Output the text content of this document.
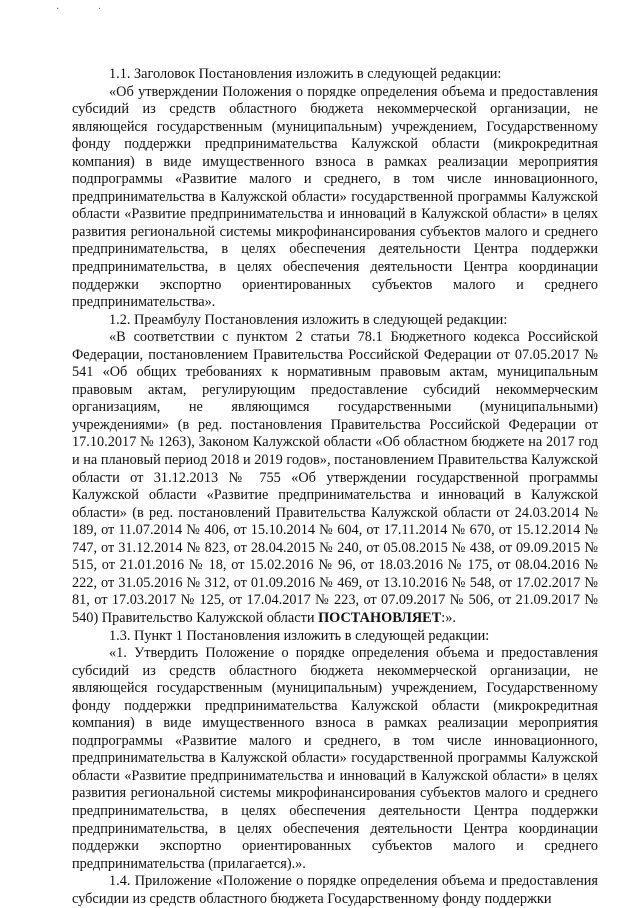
· ·

1.1. Заголовок Постановления изложить в следующей редакции:

«Об утверждении Положения о порядке определения объема и предоставления субсидий из средств областного бюджета некоммерческой организации, не являющейся государственным (муниципальным) учреждением, Государственному фонду поддержки предпринимательства Калужской области (микрокредитная компания) в виде имущественного взноса в рамках реализации мероприятия подпрограммы «Развитие малого и среднего, в том числе инновационного, предпринимательства в Калужской области» государственной программы Калужской области «Развитие предпринимательства и инноваций в Калужской области» в целях развития региональной системы микрофинансирования субъектов малого и среднего предпринимательства, в целях обеспечения деятельности Центра поддержки предпринимательства, в целях обеспечения деятельности Центра координации поддержки экспортно ориентированных субъектов малого и среднего предпринимательства».

1.2. Преамбулу Постановления изложить в следующей редакции:

«В соответствии с пунктом 2 статьи 78.1 Бюджетного кодекса Российской Федерации, постановлением Правительства Российской Федерации от 07.05.2017 № 541 «Об общих требованиях к нормативным правовым актам, муниципальным правовым актам, регулирующим предоставление субсидий некоммерческим организациям, не являющимся государственными (муниципальными) учреждениями» (в ред. постановления Правительства Российской Федерации от 17.10.2017 № 1263), Законом Калужской области «Об областном бюджете на 2017 год и на плановый период 2018 и 2019 годов», постановлением Правительства Калужской области от 31.12.2013 № 755 «Об утверждении государственной программы Калужской области «Развитие предпринимательства и инноваций в Калужской области» (в ред. постановлений Правительства Калужской области от 24.03.2014 № 189, от 11.07.2014 № 406, от 15.10.2014 № 604, от 17.11.2014 № 670, от 15.12.2014 № 747, от 31.12.2014 № 823, от 28.04.2015 № 240, от 05.08.2015 № 438, от 09.09.2015 № 515, от 21.01.2016 № 18, от 15.02.2016 № 96, от 18.03.2016 № 175, от 08.04.2016 № 222, от 31.05.2016 № 312, от 01.09.2016 № 469, от 13.10.2016 № 548, от 17.02.2017 № 81, от 17.03.2017 № 125, от 17.04.2017 № 223, от 07.09.2017 № 506, от 21.09.2017 № 540) Правительство Калужской области ПОСТАНОВЛЯЕТ:».

1.3. Пункт 1 Постановления изложить в следующей редакции:

«1. Утвердить Положение о порядке определения объема и предоставления субсидий из средств областного бюджета некоммерческой организации, не являющейся государственным (муниципальным) учреждением, Государственному фонду поддержки предпринимательства Калужской области (микрокредитная компания) в виде имущественного взноса в рамках реализации мероприятия подпрограммы «Развитие малого и среднего, в том числе инновационного, предпринимательства в Калужской области» государственной программы Калужской области «Развитие предпринимательства и инноваций в Калужской области» в целях развития региональной системы микрофинансирования субъектов малого и среднего предпринимательства, в целях обеспечения деятельности Центра поддержки предпринимательства, в целях обеспечения деятельности Центра координации поддержки экспортно ориентированных субъектов малого и среднего предпринимательства (прилагается).».

1.4. Приложение «Положение о порядке определения объема и предоставления субсидии из средств областного бюджета Государственному фонду поддержки
